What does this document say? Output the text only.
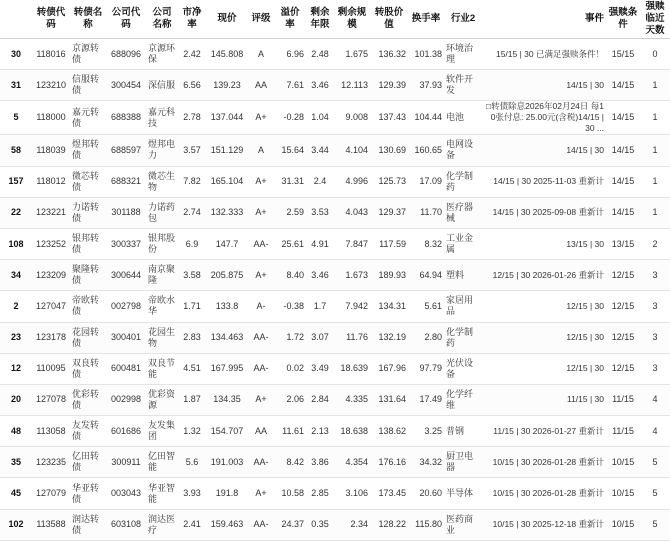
	转债代码	转债名称	公司代码	公司名称	市净率	现价	评级	溢价率	剩余年限	剩余规模	转股价值	换手率	行业2	事件	强赎条件	强赎临近天数
30	118016	京源转债	688096	京源环保	2.42	145.808	A	6.96	2.48	1.675	136.32	101.38	环境治理	15/15 | 30 已满足强赎条件！	15/15	0
31	123210	信服转债	300454	深信服	6.56	139.23	AA	7.61	3.46	12.113	129.39	37.93	软件开发	14/15 | 30	14/15	1
5	118000	嘉元转债	688388	嘉元科技	2.78	137.044	A+	-0.28	1.04	9.008	137.43	104.44	电池	□转债除息2026年02月24日 每10张付息: 25.00元(含税)14/15 | 30 ...	14/15	1
58	118039	煜邦转债	688597	煜邦电力	3.57	151.129	A	15.64	3.44	4.104	130.69	160.65	电网设备	14/15 | 30	14/15	1
157	118012	微芯转债	688321	微芯生物	7.82	165.104	A+	31.31	2.4	4.996	125.73	17.09	化学制药	14/15 | 30 2025-11-03 重新计	14/15	1
22	123221	力诺转债	301188	力诺药包	2.74	132.333	A+	2.59	3.53	4.043	129.37	11.70	医疗器械	14/15 | 30 2025-09-08 重新计	14/15	1
108	123252	银邦转债	300337	银邦股份	6.9	147.7	AA-	25.61	4.91	7.847	117.59	8.32	工业金属	13/15 | 30	13/15	2
34	123209	聚隆转债	300644	南京聚隆	3.58	205.875	A+	8.40	3.46	1.673	189.93	64.94	塑料	12/15 | 30 2026-01-26 重新计	12/15	3
2	127047	帝欧转债	002798	帝欧水华	1.71	133.8	A-	-0.38	1.7	7.942	134.31	5.61	家居用品	12/15 | 30	12/15	3
23	123178	花园转债	300401	花园生物	2.83	134.463	AA-	1.72	3.07	11.76	132.19	2.80	化学制药	12/15 | 30	12/15	3
12	110095	双良转债	600481	双良节能	4.51	167.995	AA-	0.02	3.49	18.639	167.96	97.79	光伏设备	12/15 | 30	12/15	3
20	127078	优彩转债	002998	优彩资源	1.87	134.35	A+	2.06	2.84	4.335	131.64	17.49	化学纤维	11/15 | 30	11/15	4
48	113058	友发转债	601686	友发集团	1.32	154.707	AA	11.61	2.13	18.638	138.62	3.25	普钢	11/15 | 30 2026-01-27 重新计	11/15	4
35	123235	亿田转债	300911	亿田智能	5.6	191.003	AA-	8.42	3.86	4.354	176.16	34.32	厨卫电器	10/15 | 30 2026-01-28 重新计	10/15	5
45	127079	华亚转债	003043	华亚智能	3.93	191.8	A+	10.58	2.85	3.106	173.45	20.60	半导体	10/15 | 30 2026-01-28 重新计	10/15	5
102	113588	润达转债	603108	润达医疗	2.41	159.463	AA-	24.37	0.35	2.34	128.22	115.80	医药商业	10/15 | 30 2025-12-18 重新计	10/15	5
